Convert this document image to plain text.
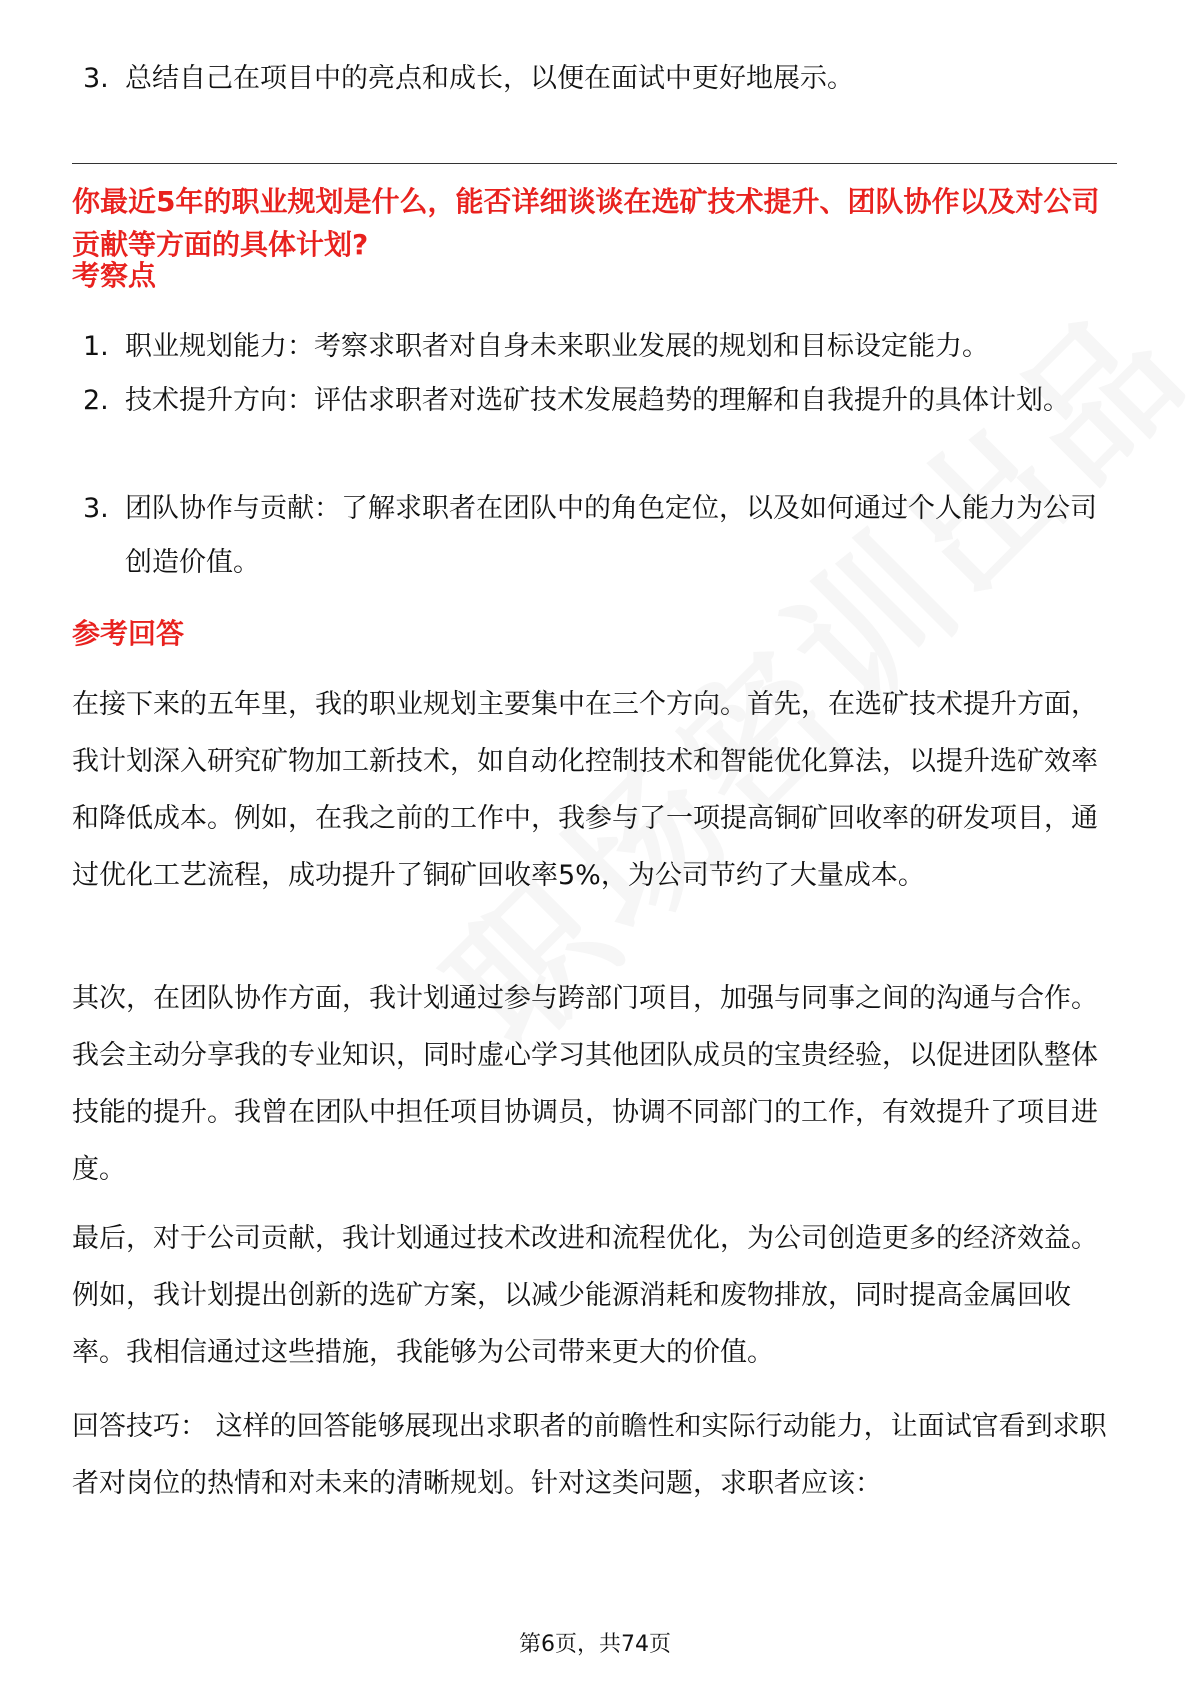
3. 总结自己在项目中的亮点和成长，以便在面试中更好地展示。
你最近5年的职业规划是什么，能否详细谈谈在选矿技术提升、团队协作以及对公司贡献等方面的具体计划?
考察点
1. 职业规划能力：考察求职者对自身未来职业发展的规划和目标设定能力。
2. 技术提升方向：评估求职者对选矿技术发展趋势的理解和自我提升的具体计划。
3. 团队协作与贡献：了解求职者在团队中的角色定位，以及如何通过个人能力为公司创造价值。
参考回答
在接下来的五年里，我的职业规划主要集中在三个方向。首先，在选矿技术提升方面，我计划深入研究矿物加工新技术，如自动化控制技术和智能优化算法，以提升选矿效率和降低成本。例如，在我之前的工作中，我参与了一项提高铜矿回收率的研发项目，通过优化工艺流程，成功提升了铜矿回收率5%，为公司节约了大量成本。
其次，在团队协作方面，我计划通过参与跨部门项目，加强与同事之间的沟通与合作。我会主动分享我的专业知识，同时虚心学习其他团队成员的宝贵经验，以促进团队整体技能的提升。我曾在团队中担任项目协调员，协调不同部门的工作，有效提升了项目进度。
最后，对于公司贡献，我计划通过技术改进和流程优化，为公司创造更多的经济效益。例如，我计划提出创新的选矿方案，以减少能源消耗和废物排放，同时提高金属回收率。我相信通过这些措施，我能够为公司带来更大的价值。
回答技巧： 这样的回答能够展现出求职者的前瞻性和实际行动能力，让面试官看到求职者对岗位的热情和对未来的清晰规划。针对这类问题，求职者应该：
第6页，共74页
